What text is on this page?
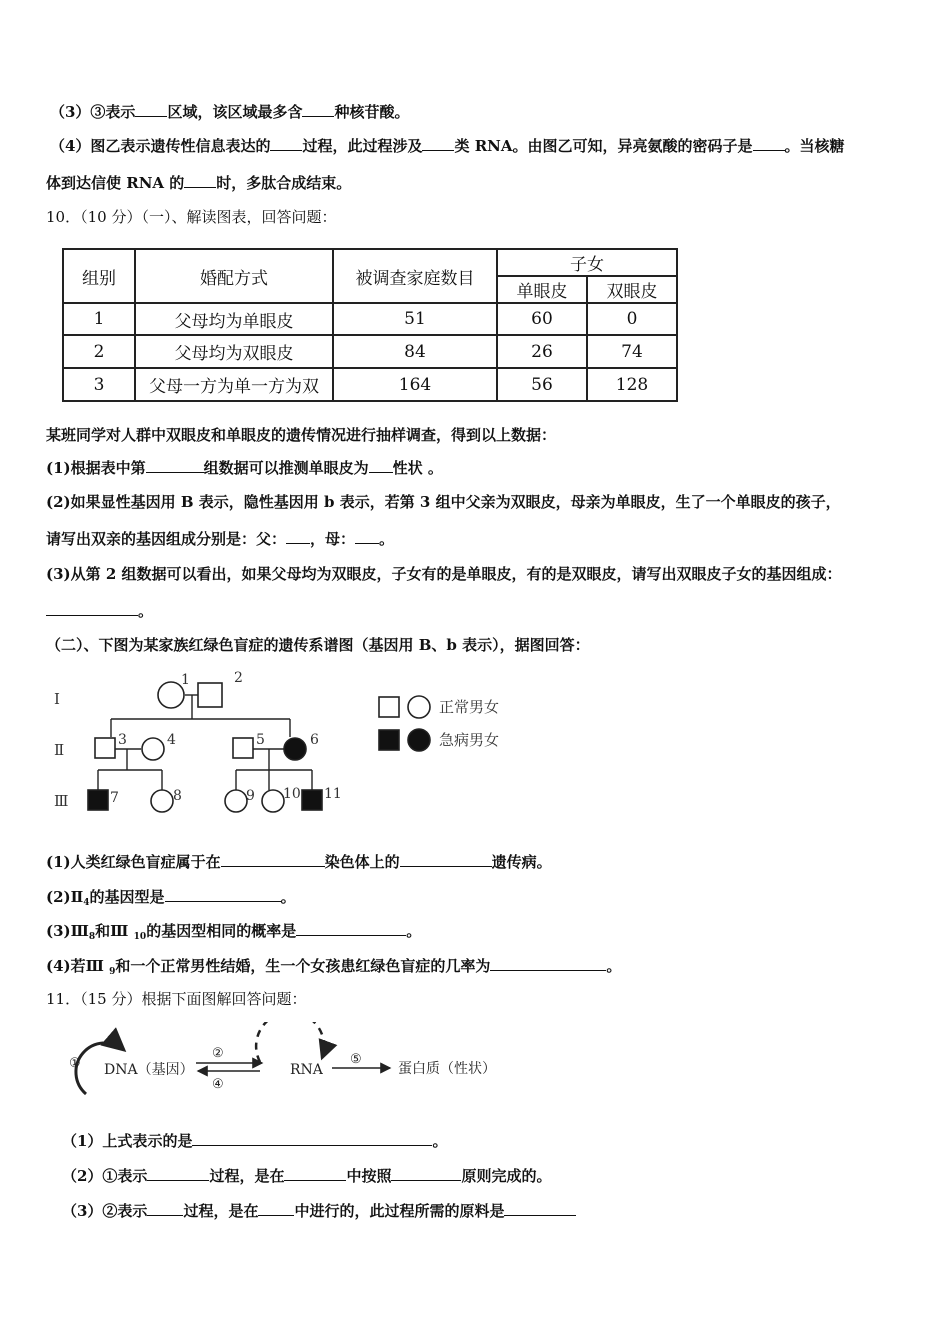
（3）③表示 区域，该区域最多含 种核苷酸。
（4）图乙表示遗传性信息表达的 过程，此过程涉及 类 RNA。由图乙可知，异亮氨酸的密码子是 。当核糖
体到达信使 RNA 的 时，多肽合成结束。
10．（10 分）（一）、解读图表，回答问题：
组别	婚配方式	被调查家庭数目	子女	
			单眼皮	双眼皮
1	父母均为单眼皮	51	60	0
2	父母均为双眼皮	84	26	74
3	父母一方为单一方为双	164	56	128
某班同学对人群中双眼皮和单眼皮的遗传情况进行抽样调查，得到以上数据：
(1)根据表中第	组数据可以推测单眼皮为 性状 。
(2)如果显性基因用 B 表示，隐性基因用 b 表示，若第 3 组中父亲为双眼皮，母亲为单眼皮，生了一个单眼皮的孩子，
请写出双亲的基因组成分别是：父： ，母： 。
(3)从第 2 组数据可以看出，如果父母均为双眼皮，子女有的是单眼皮，有的是双眼皮，请写出双眼皮子女的基因组成：
。
（二）、下图为某家族红绿色盲症的遗传系谱图（基因用 B、b 表示），据图回答：
Ⅰ
Ⅱ
Ⅲ
1	2
3	4	5	6
7	8	9 10 11
正常男女
急病男女
(1)人类红绿色盲症属于在	染色体上的	遗传病。
$(2)Ⅱ_4$的基因型是	。
$(3)Ⅲ_8$和Ⅲ $_{10}$的基因型相同的概率是	。
(4)若Ⅲ $_9$和一个正常男性结婚，生一个女孩患红绿色盲症的几率为	。
11．（15 分）根据下面图解回答问题：
① DNA（基因）
②
④
RNA
⑤
蛋白质（性状）
（1）上式表示的是	。
（2）①表示	过程，是在	中按照	原则完成的。
（3）②表示 过程，是在 中进行的，此过程所需的原料是
